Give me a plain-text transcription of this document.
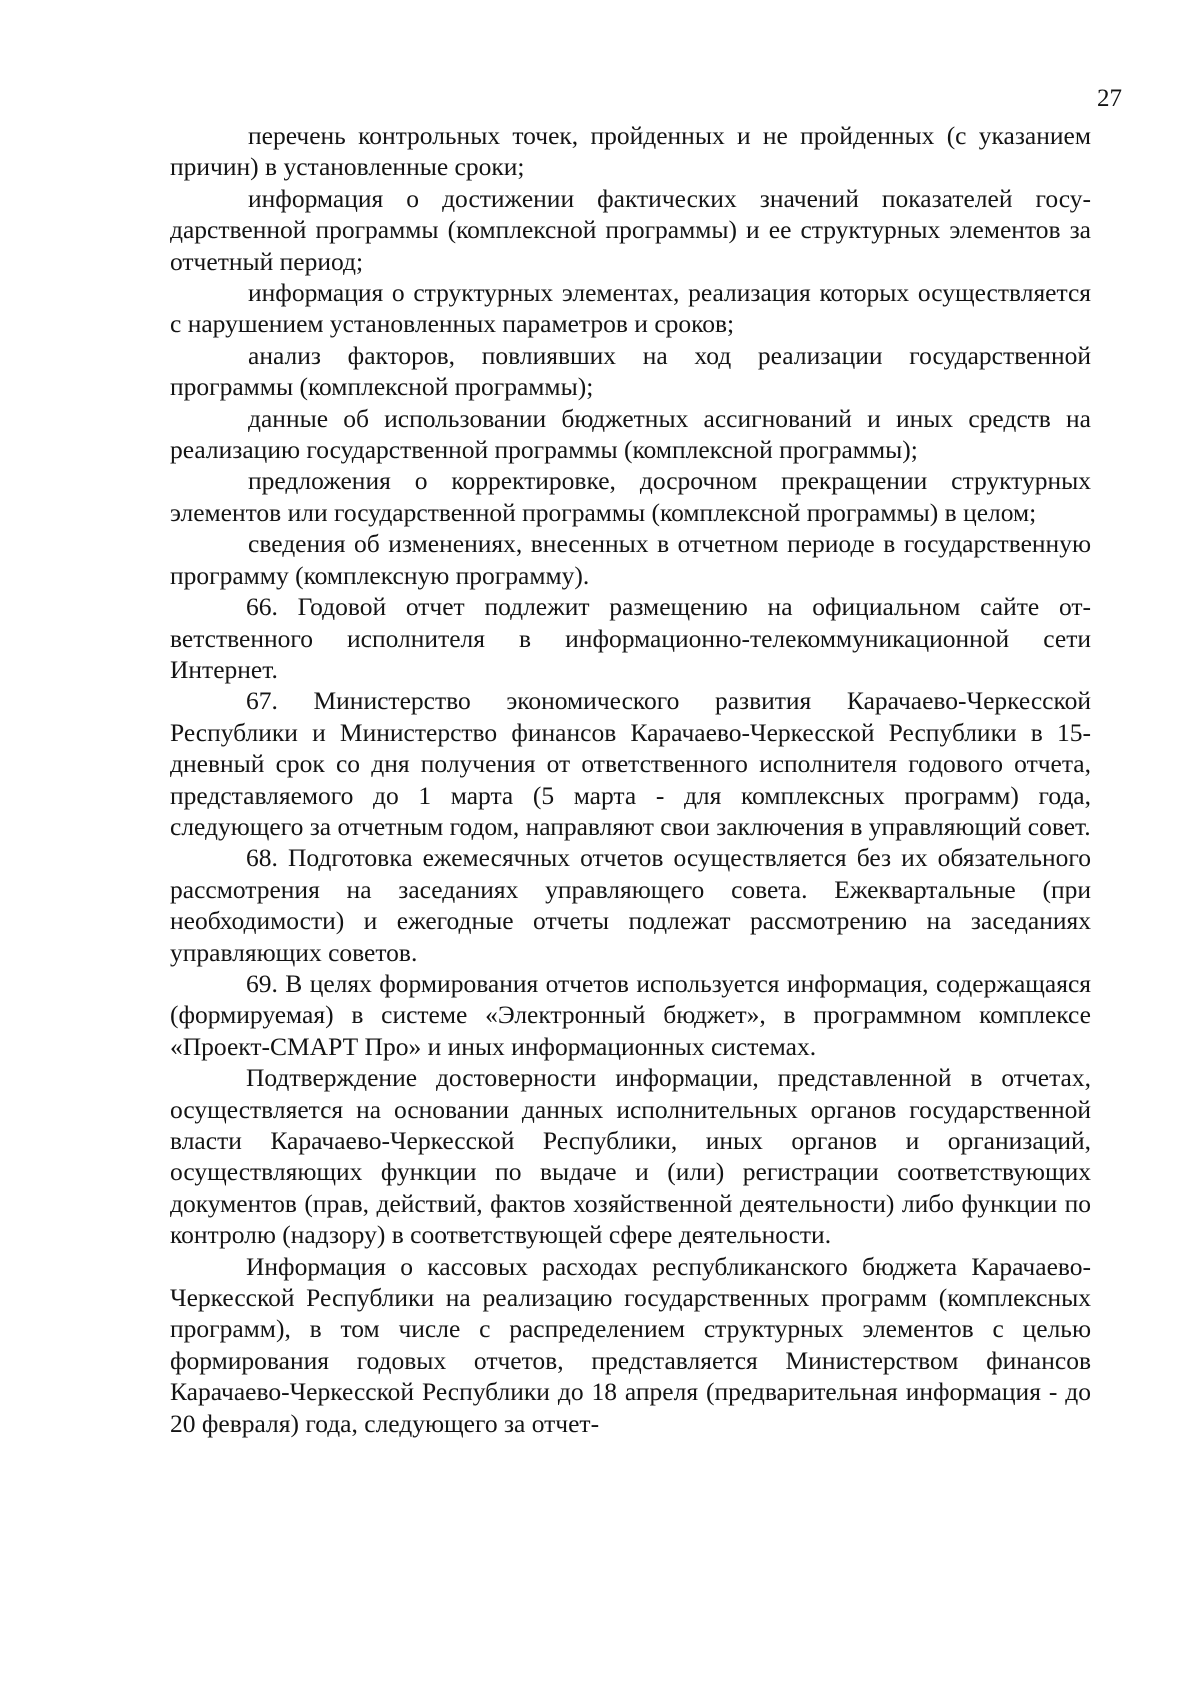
27

перечень контрольных точек, пройденных и не пройденных (с указанием причин) в установленные сроки;

информация о достижении фактических значений показателей государственной программы (комплексной программы) и ее структурных элементов за отчетный период;

информация о структурных элементах, реализация которых осуществляется с нарушением установленных параметров и сроков;

анализ факторов, повлиявших на ход реализации государственной программы (комплексной программы);

данные об использовании бюджетных ассигнований и иных средств на реализацию государственной программы (комплексной программы);

предложения о корректировке, досрочном прекращении структурных элементов или государственной программы (комплексной программы) в целом;

сведения об изменениях, внесенных в отчетном периоде в государственную программу (комплексную программу).

66. Годовой отчет подлежит размещению на официальном сайте ответственного исполнителя в информационно-телекоммуникационной сети Интернет.

67. Министерство экономического развития Карачаево-Черкесской Республики и Министерство финансов Карачаево-Черкесской Республики в 15-дневный срок со дня получения от ответственного исполнителя годового отчета, представляемого до 1 марта (5 марта - для комплексных программ) года, следующего за отчетным годом, направляют свои заключения в управляющий совет.

68. Подготовка ежемесячных отчетов осуществляется без их обязательного рассмотрения на заседаниях управляющего совета. Ежеквартальные (при необходимости) и ежегодные отчеты подлежат рассмотрению на заседаниях управляющих советов.

69. В целях формирования отчетов используется информация, содержащаяся (формируемая) в системе «Электронный бюджет», в программном комплексе «Проект-СМАРТ Про» и иных информационных системах.

Подтверждение достоверности информации, представленной в отчетах, осуществляется на основании данных исполнительных органов государственной власти Карачаево-Черкесской Республики, иных органов и организаций, осуществляющих функции по выдаче и (или) регистрации соответствующих документов (прав, действий, фактов хозяйственной деятельности) либо функции по контролю (надзору) в соответствующей сфере деятельности.

Информация о кассовых расходах республиканского бюджета Карачаево-Черкесской Республики на реализацию государственных программ (комплексных программ), в том числе с распределением структурных элементов с целью формирования годовых отчетов, представляется Министерством финансов Карачаево-Черкесской Республики до 18 апреля (предварительная информация - до 20 февраля) года, следующего за отчет-
